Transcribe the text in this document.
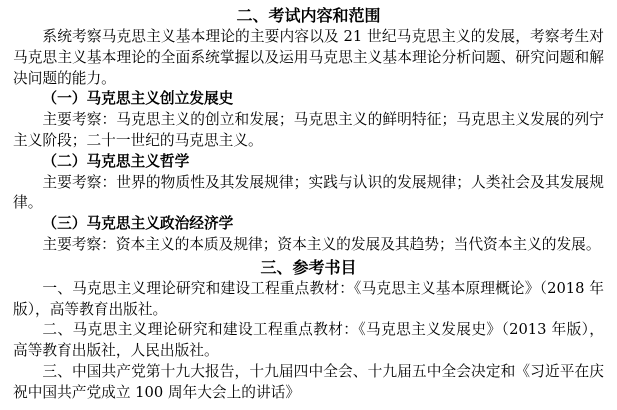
二、考试内容和范围

系统考察马克思主义基本理论的主要内容以及 21 世纪马克思主义的发展，考察考生对马克思主义基本理论的全面系统掌握以及运用马克思主义基本理论分析问题、研究问题和解决问题的能力。

（一）马克思主义创立发展史

主要考察：马克思主义的创立和发展；马克思主义的鲜明特征；马克思主义发展的列宁主义阶段；二十一世纪的马克思主义。

（二）马克思主义哲学

主要考察：世界的物质性及其发展规律；实践与认识的发展规律；人类社会及其发展规律。

（三）马克思主义政治经济学

主要考察：资本主义的本质及规律；资本主义的发展及其趋势；当代资本主义的发展。

三、参考书目

一、马克思主义理论研究和建设工程重点教材：《马克思主义基本原理概论》（2018 年版），高等教育出版社。

二、马克思主义理论研究和建设工程重点教材：《马克思主义发展史》（2013 年版），高等教育出版社，人民出版社。

三、中国共产党第十九大报告，十九届四中全会、十九届五中全会决定和《习近平在庆祝中国共产党成立 100 周年大会上的讲话》
